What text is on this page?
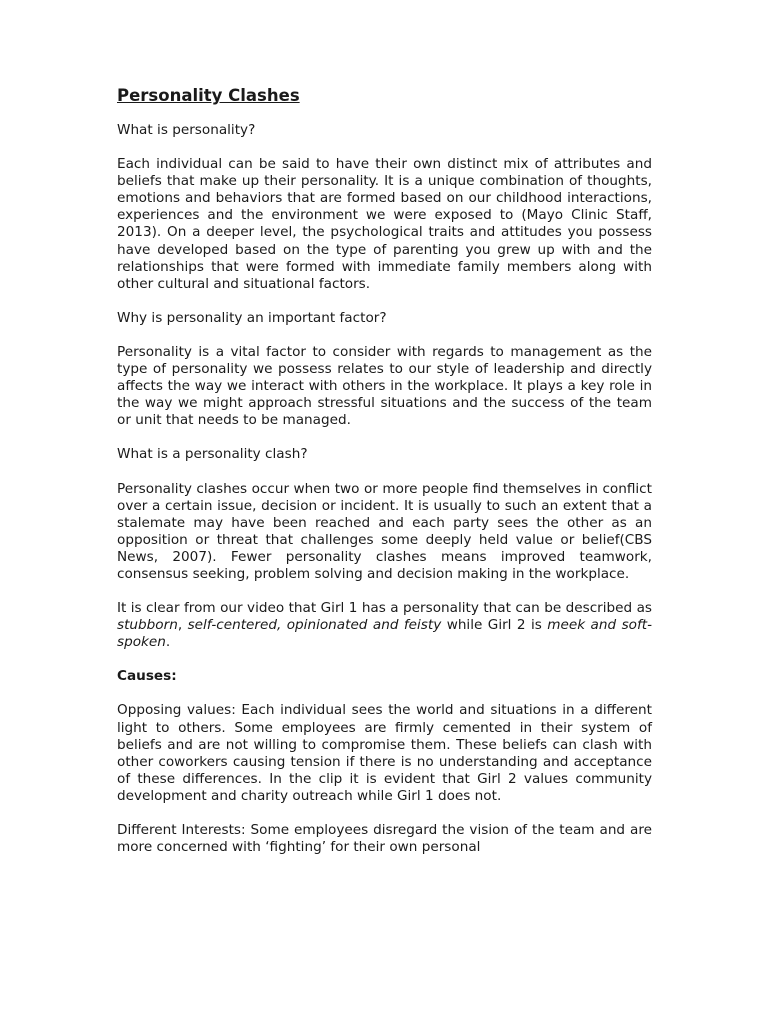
Personality Clashes
What is personality?
Each individual can be said to have their own distinct mix of attributes and beliefs that make up their personality. It is a unique combination of thoughts, emotions and behaviors that are formed based on our childhood interactions, experiences and the environment we were exposed to (Mayo Clinic Staff, 2013). On a deeper level, the psychological traits and attitudes you possess have developed based on the type of parenting you grew up with and the relationships that were formed with immediate family members along with other cultural and situational factors.
Why is personality an important factor?
Personality is a vital factor to consider with regards to management as the type of personality we possess relates to our style of leadership and directly affects the way we interact with others in the workplace. It plays a key role in the way we might approach stressful situations and the success of the team or unit that needs to be managed.
What is a personality clash?
Personality clashes occur when two or more people find themselves in conflict over a certain issue, decision or incident. It is usually to such an extent that a stalemate may have been reached and each party sees the other as an opposition or threat that challenges some deeply held value or belief(CBS News, 2007). Fewer personality clashes means improved teamwork, consensus seeking, problem solving and decision making in the workplace.
It is clear from our video that Girl 1 has a personality that can be described as stubborn, self-centered, opinionated and feisty while Girl 2 is meek and soft-spoken.
Causes:
Opposing values: Each individual sees the world and situations in a different light to others. Some employees are firmly cemented in their system of beliefs and are not willing to compromise them. These beliefs can clash with other coworkers causing tension if there is no understanding and acceptance of these differences. In the clip it is evident that Girl 2 values community development and charity outreach while Girl 1 does not.
Different Interests: Some employees disregard the vision of the team and are more concerned with ‘fighting’ for their own personal
